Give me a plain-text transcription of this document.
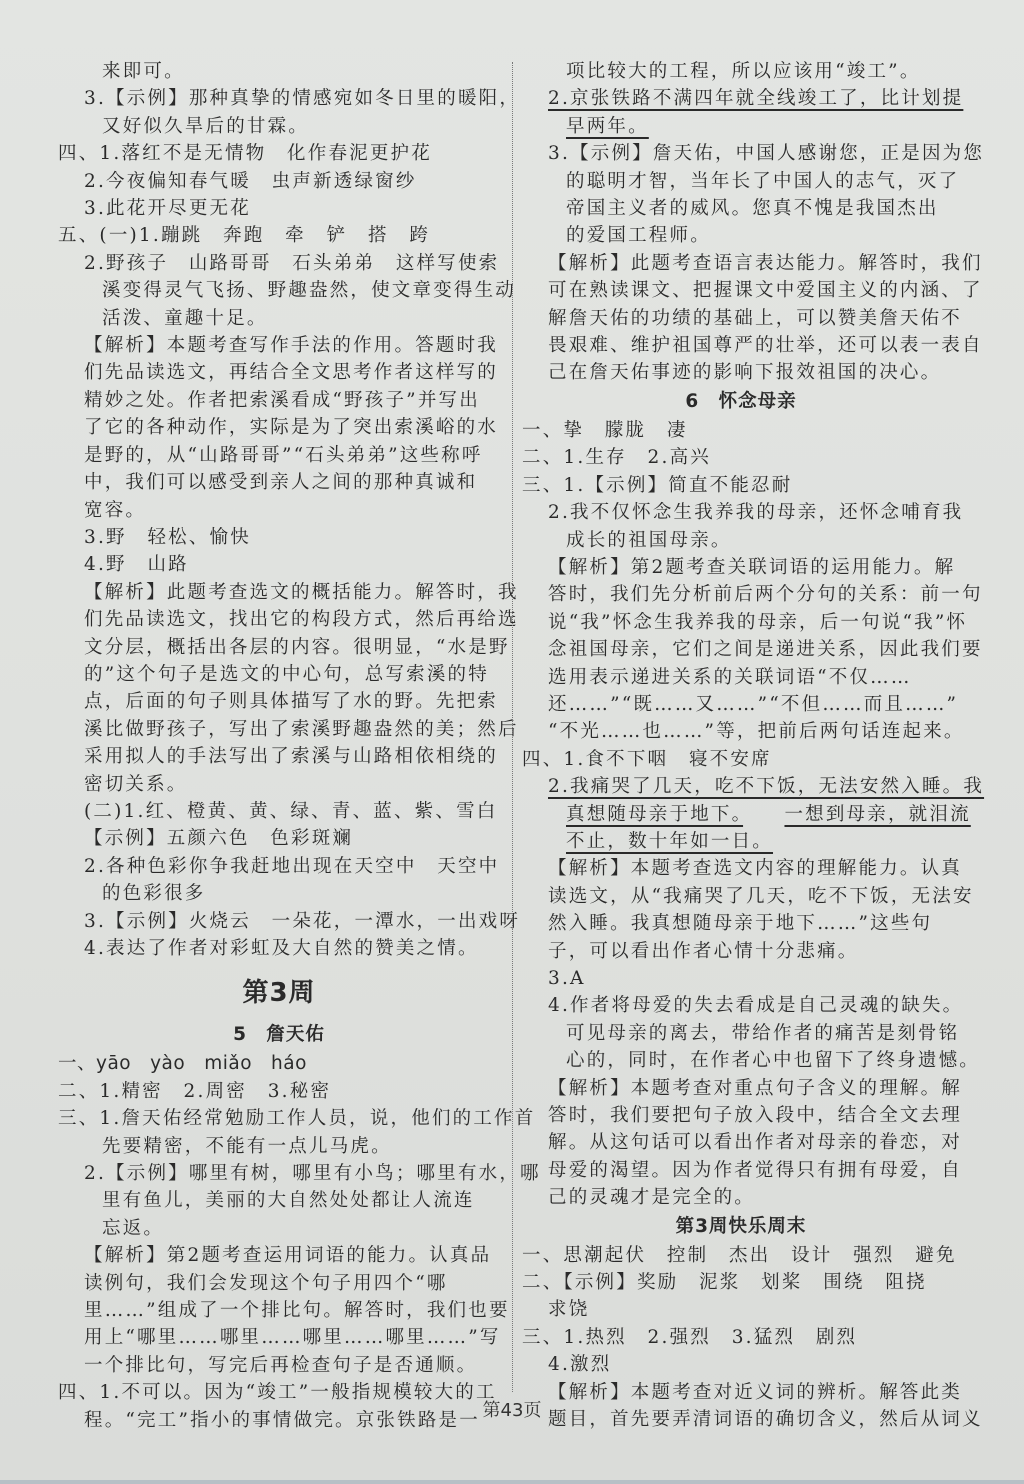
来即可。
3.【示例】那种真挚的情感宛如冬日里的暖阳，
又好似久旱后的甘霖。
四、1.落红不是无情物　化作春泥更护花
2.今夜偏知春气暖　虫声新透绿窗纱
3.此花开尽更无花
五、(一)1.蹦跳　奔跑　牵　铲　搭　跨
2.野孩子　山路哥哥　石头弟弟　这样写使索
溪变得灵气飞扬、野趣盎然，使文章变得生动
活泼、童趣十足。
【解析】本题考查写作手法的作用。答题时我
们先品读选文，再结合全文思考作者这样写的
精妙之处。作者把索溪看成“野孩子”并写出
了它的各种动作，实际是为了突出索溪峪的水
是野的，从“山路哥哥”“石头弟弟”这些称呼
中，我们可以感受到亲人之间的那种真诚和
宽容。
3.野　轻松、愉快
4.野　山路
【解析】此题考查选文的概括能力。解答时，我
们先品读选文，找出它的构段方式，然后再给选
文分层，概括出各层的内容。很明显，“水是野
的”这个句子是选文的中心句，总写索溪的特
点，后面的句子则具体描写了水的野。先把索
溪比做野孩子，写出了索溪野趣盎然的美；然后
采用拟人的手法写出了索溪与山路相依相绕的
密切关系。
(二)1.红、橙黄、黄、绿、青、蓝、紫、雪白
【示例】五颜六色　色彩斑斓
2.各种色彩你争我赶地出现在天空中　天空中
的色彩很多
3.【示例】火烧云　一朵花，一潭水，一出戏呀
4.表达了作者对彩虹及大自然的赞美之情。
第3周
5　詹天佑
一、yāo　yào　miǎo　háo
二、1.精密　2.周密　3.秘密
三、1.詹天佑经常勉励工作人员，说，他们的工作首
先要精密，不能有一点儿马虎。
2.【示例】哪里有树，哪里有小鸟；哪里有水，哪
里有鱼儿，美丽的大自然处处都让人流连
忘返。
【解析】第2题考查运用词语的能力。认真品
读例句，我们会发现这个句子用四个“哪
里……”组成了一个排比句。解答时，我们也要
用上“哪里……哪里……哪里……哪里……”写
一个排比句，写完后再检查句子是否通顺。
四、1.不可以。因为“竣工”一般指规模较大的工
程。“完工”指小的事情做完。京张铁路是一
项比较大的工程，所以应该用“竣工”。
2.京张铁路不满四年就全线竣工了，比计划提
早两年。
3.【示例】詹天佑，中国人感谢您，正是因为您
的聪明才智，当年长了中国人的志气，灭了
帝国主义者的威风。您真不愧是我国杰出
的爱国工程师。
【解析】此题考查语言表达能力。解答时，我们
可在熟读课文、把握课文中爱国主义的内涵、了
解詹天佑的功绩的基础上，可以赞美詹天佑不
畏艰难、维护祖国尊严的壮举，还可以表一表自
己在詹天佑事迹的影响下报效祖国的决心。
6　怀念母亲
一、挚　朦胧　凄
二、1.生存　2.高兴
三、1.【示例】简直不能忍耐
2.我不仅怀念生我养我的母亲，还怀念哺育我
成长的祖国母亲。
【解析】第2题考查关联词语的运用能力。解
答时，我们先分析前后两个分句的关系：前一句
说“我”怀念生我养我的母亲，后一句说“我”怀
念祖国母亲，它们之间是递进关系，因此我们要
选用表示递进关系的关联词语“不仅……
还……”“既……又……”“不但……而且……”
“不光……也……”等，把前后两句话连起来。
四、1.食不下咽　寝不安席
2.我痛哭了几天，吃不下饭，无法安然入睡。我
真想随母亲于地下。　　 一想到母亲，就泪流
不止，数十年如一日。
【解析】本题考查选文内容的理解能力。认真
读选文，从“我痛哭了几天，吃不下饭，无法安
然入睡。我真想随母亲于地下……”这些句
子，可以看出作者心情十分悲痛。
3.A
4.作者将母爱的失去看成是自己灵魂的缺失。
可见母亲的离去，带给作者的痛苦是刻骨铭
心的，同时，在作者心中也留下了终身遗憾。
【解析】本题考查对重点句子含义的理解。解
答时，我们要把句子放入段中，结合全文去理
解。从这句话可以看出作者对母亲的眷恋，对
母爱的渴望。因为作者觉得只有拥有母爱，自
己的灵魂才是完全的。
第3周快乐周末
一、思潮起伏　控制　杰出　设计　强烈　避免
二、【示例】奖励　泥浆　划桨　围绕　阻挠
求饶
三、1.热烈　2.强烈　3.猛烈　剧烈
4.激烈
【解析】本题考查对近义词的辨析。解答此类
题目，首先要弄清词语的确切含义，然后从词义
第43页
